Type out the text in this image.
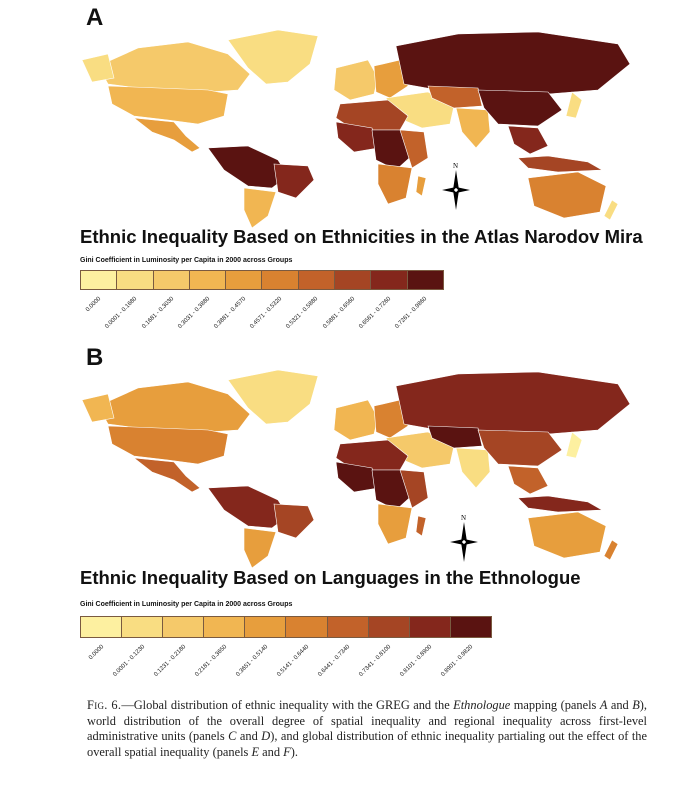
A
N
Ethnic Inequality Based on Ethnicities in the Atlas Narodov Mira
Gini Coefficient in Luminosity per Capita in 2000 across Groups
0.0000 0.0001 - 0.1680 0.1681 - 0.3030 0.3031 - 0.3880 0.3881 - 0.4570 0.4571 - 0.5320 0.5321 - 0.5880 0.5881 - 0.6560 0.6561 - 0.7260 0.7261 - 0.9860
B
N
Ethnic Inequality Based on Languages in the Ethnologue
Gini Coefficient in Luminosity per Capita in 2000 across Groups
0.0000	0.0001 - 0.1230	0.1231 - 0.2180	0.2181 - 0.3650	0.3651 - 0.5140	0.5141 - 0.6440	0.6441 - 0.7340	0.7341 - 0.8100	0.8101 - 0.8900	0.8901 - 0.9820
Fig. 6.—Global distribution of ethnic inequality with the GREG and the Ethnologue mapping (panels A and B), world distribution of the overall degree of spatial inequality and regional inequality across first-level administrative units (panels C and D), and global distribution of ethnic inequality partialing out the effect of the overall spatial inequality (panels E and F).
